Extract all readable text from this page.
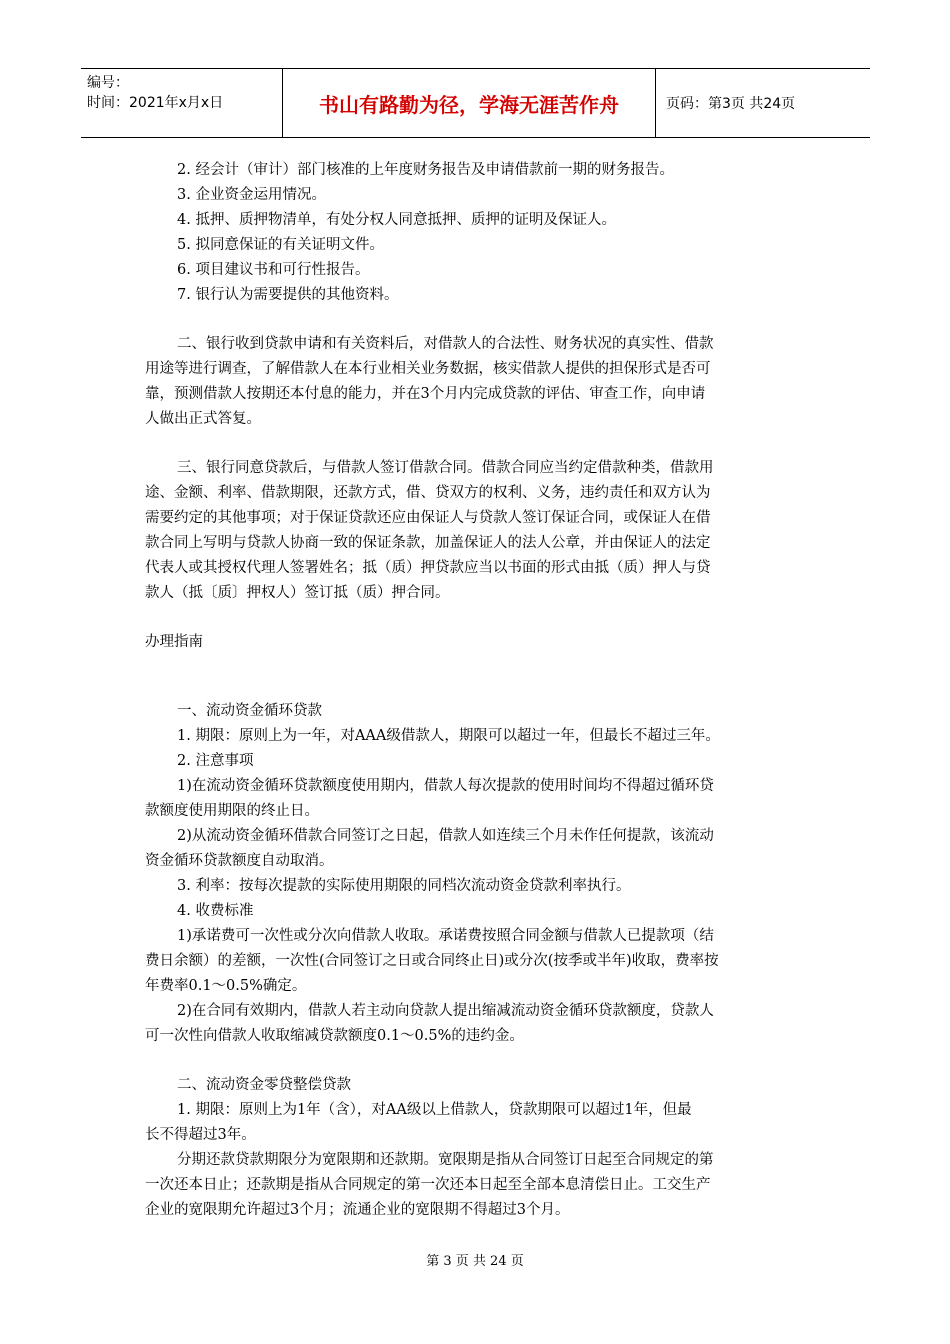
编号：
时间：2021年x月x日	书山有路勤为径，学海无涯苦作舟	页码：第3页 共24页
2. 经会计（审计）部门核准的上年度财务报告及申请借款前一期的财务报告。
3. 企业资金运用情况。
4. 抵押、质押物清单，有处分权人同意抵押、质押的证明及保证人。
5. 拟同意保证的有关证明文件。
6. 项目建议书和可行性报告。
7. 银行认为需要提供的其他资料。
二、银行收到贷款申请和有关资料后，对借款人的合法性、财务状况的真实性、借款
用途等进行调查，了解借款人在本行业相关业务数据，核实借款人提供的担保形式是否可
靠，预测借款人按期还本付息的能力，并在3个月内完成贷款的评估、审查工作，向申请
人做出正式答复。
三、银行同意贷款后，与借款人签订借款合同。借款合同应当约定借款种类，借款用
途、金额、利率、借款期限，还款方式，借、贷双方的权利、义务，违约责任和双方认为
需要约定的其他事项；对于保证贷款还应由保证人与贷款人签订保证合同，或保证人在借
款合同上写明与贷款人协商一致的保证条款，加盖保证人的法人公章，并由保证人的法定
代表人或其授权代理人签署姓名；抵（质）押贷款应当以书面的形式由抵（质）押人与贷
款人（抵〔质〕押权人）签订抵（质）押合同。
办理指南
一、流动资金循环贷款
1. 期限：原则上为一年，对AAA级借款人，期限可以超过一年，但最长不超过三年。
2. 注意事项
1)在流动资金循环贷款额度使用期内，借款人每次提款的使用时间均不得超过循环贷
款额度使用期限的终止日。
2)从流动资金循环借款合同签订之日起，借款人如连续三个月未作任何提款，该流动
资金循环贷款额度自动取消。
3. 利率：按每次提款的实际使用期限的同档次流动资金贷款利率执行。
4. 收费标准
1)承诺费可一次性或分次向借款人收取。承诺费按照合同金额与借款人已提款项（结
费日余额）的差额，一次性(合同签订之日或合同终止日)或分次(按季或半年)收取，费率按
年费率0.1～0.5%确定。
2)在合同有效期内，借款人若主动向贷款人提出缩减流动资金循环贷款额度，贷款人
可一次性向借款人收取缩减贷款额度0.1～0.5%的违约金。
二、流动资金零贷整偿贷款
1. 期限：原则上为1年（含），对AA级以上借款人，贷款期限可以超过1年，但最
长不得超过3年。
分期还款贷款期限分为宽限期和还款期。宽限期是指从合同签订日起至合同规定的第
一次还本日止；还款期是指从合同规定的第一次还本日起至全部本息清偿日止。工交生产
企业的宽限期允许超过3个月；流通企业的宽限期不得超过3个月。
第 3 页 共 24 页
